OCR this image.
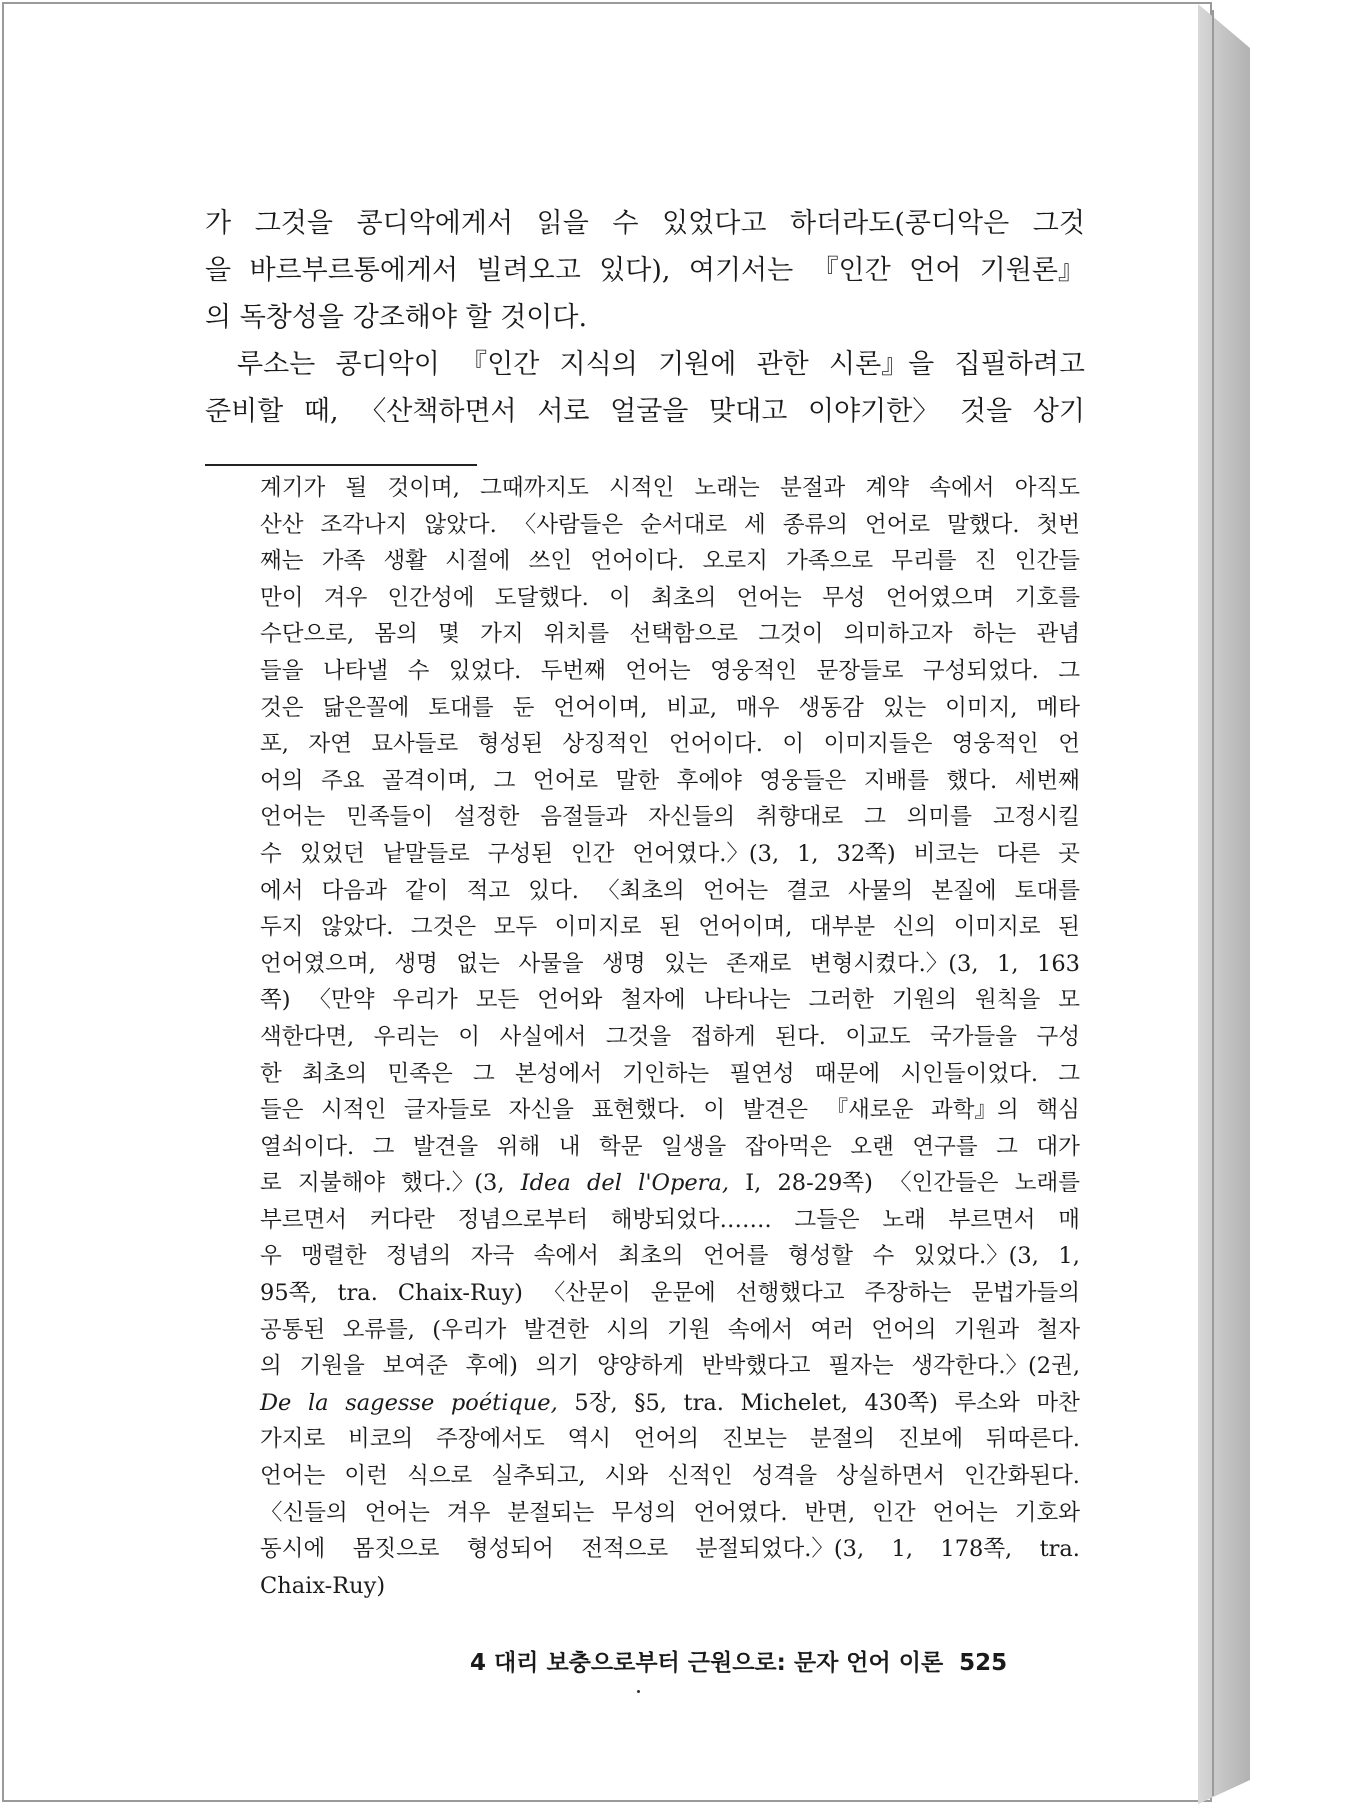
가 그것을 콩디악에게서 읽을 수 있었다고 하더라도(콩디악은 그것
을 바르부르통에게서 빌려오고 있다), 여기서는 『인간 언어 기원론』
의
독창성을
강조해야
할
것이다.
루소는 콩디악이 『인간 지식의 기원에 관한 시론』을 집필하려고
준비할 때, 〈산책하면서 서로 얼굴을 맞대고 이야기한〉 것을 상기
계기가 될 것이며, 그때까지도 시적인 노래는 분절과 계약 속에서 아직도
산산 조각나지 않았다. 〈사람들은 순서대로 세 종류의 언어로 말했다. 첫번
째는 가족 생활 시절에 쓰인 언어이다. 오로지 가족으로 무리를 진 인간들
만이 겨우 인간성에 도달했다. 이 최초의 언어는 무성 언어였으며 기호를
수단으로, 몸의 몇 가지 위치를 선택함으로 그것이 의미하고자 하는 관념
들을 나타낼 수 있었다. 두번째 언어는 영웅적인 문장들로 구성되었다. 그
것은 닮은꼴에 토대를 둔 언어이며, 비교, 매우 생동감 있는 이미지, 메타
포, 자연 묘사들로 형성된 상징적인 언어이다. 이 이미지들은 영웅적인 언
어의 주요 골격이며, 그 언어로 말한 후에야 영웅들은 지배를 했다. 세번째
언어는 민족들이 설정한 음절들과 자신들의 취향대로 그 의미를 고정시킬
수 있었던 낱말들로 구성된 인간 언어였다.〉(3, 1, 32쪽) 비코는 다른 곳
에서 다음과 같이 적고 있다. 〈최초의 언어는 결코 사물의 본질에 토대를
두지 않았다. 그것은 모두 이미지로 된 언어이며, 대부분 신의 이미지로 된
언어였으며, 생명 없는 사물을 생명 있는 존재로 변형시켰다.〉(3, 1, 163
쪽) 〈만약 우리가 모든 언어와 철자에 나타나는 그러한 기원의 원칙을 모
색한다면, 우리는 이 사실에서 그것을 접하게 된다. 이교도 국가들을 구성
한 최초의 민족은 그 본성에서 기인하는 필연성 때문에 시인들이었다. 그
들은 시적인 글자들로 자신을 표현했다. 이 발견은 『새로운 과학』의 핵심
열쇠이다. 그 발견을 위해 내 학문 일생을 잡아먹은 오랜 연구를 그 대가
로 지불해야 했다.〉(3, Idea del l'Opera, I, 28-29쪽) 〈인간들은 노래를
부르면서 커다란 정념으로부터 해방되었다……. 그들은 노래 부르면서 매
우 맹렬한 정념의 자극 속에서 최초의 언어를 형성할 수 있었다.〉(3, 1,
95쪽, tra. Chaix-Ruy) 〈산문이 운문에 선행했다고 주장하는 문법가들의
공통된 오류를, (우리가 발견한 시의 기원 속에서 여러 언어의 기원과 철자
의 기원을 보여준 후에) 의기 양양하게 반박했다고 필자는 생각한다.〉(2권,
De la sagesse poétique, 5장, §5, tra. Michelet, 430쪽) 루소와 마찬
가지로 비코의 주장에서도 역시 언어의 진보는 분절의 진보에 뒤따른다.
언어는 이런 식으로 실추되고, 시와 신적인 성격을 상실하면서 인간화된다.
〈신들의 언어는 겨우 분절되는 무성의 언어였다. 반면, 인간 언어는 기호와
동시에 몸짓으로 형성되어 전적으로 분절되었다.〉(3, 1, 178쪽, tra.
Chaix-Ruy)
4 대리 보충으로부터 근원으로: 문자 언어 이론 525
